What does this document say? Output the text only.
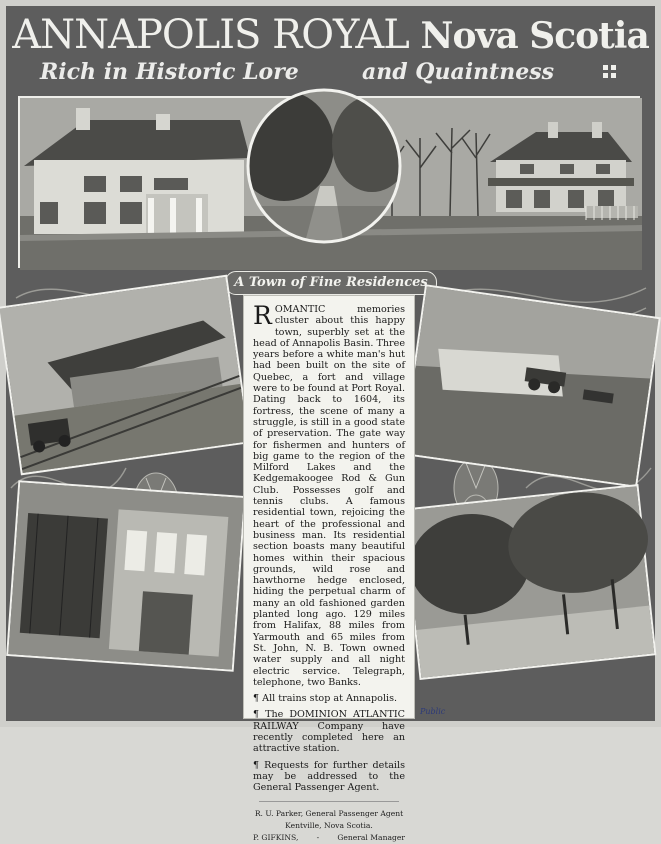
ANNAPOLIS ROYAL Nova Scotia
Rich in Historic Lore	and Quaintness
A Town of Fine Residences

ROMANTIC memories cluster about this happy town, superbly set at the head of Annapolis Basin. Three years before a white man's hut had been built on the site of Quebec, a fort and village were to be found at Port Royal. Dating back to 1604, its fortress, the scene of many a struggle, is still in a good state of preservation. The gate way for fishermen and hunters of big game to the region of the Milford Lakes and the Kedgemakoogee Rod & Gun Club. Possesses golf and tennis clubs. A famous residential town, rejoicing the heart of the professional and business man. Its residential section boasts many beautiful homes within their spacious grounds, wild rose and hawthorne hedge enclosed, hiding the perpetual charm of many an old fashioned garden planted long ago. 129 miles from Halifax, 88 miles from Yarmouth and 65 miles from St. John, N. B. Town owned water supply and all night electric service. Telegraph, telephone, two Banks.

¶ All trains stop at Annapolis.

¶ The DOMINION ATLANTIC RAILWAY Company have recently completed here an attractive station.

¶ Requests for further details may be addressed to the General Passenger Agent.

R. U. Parker, General Passenger Agent
Kentville, Nova Scotia.
P. GIFKINS, - General Manager
Public
